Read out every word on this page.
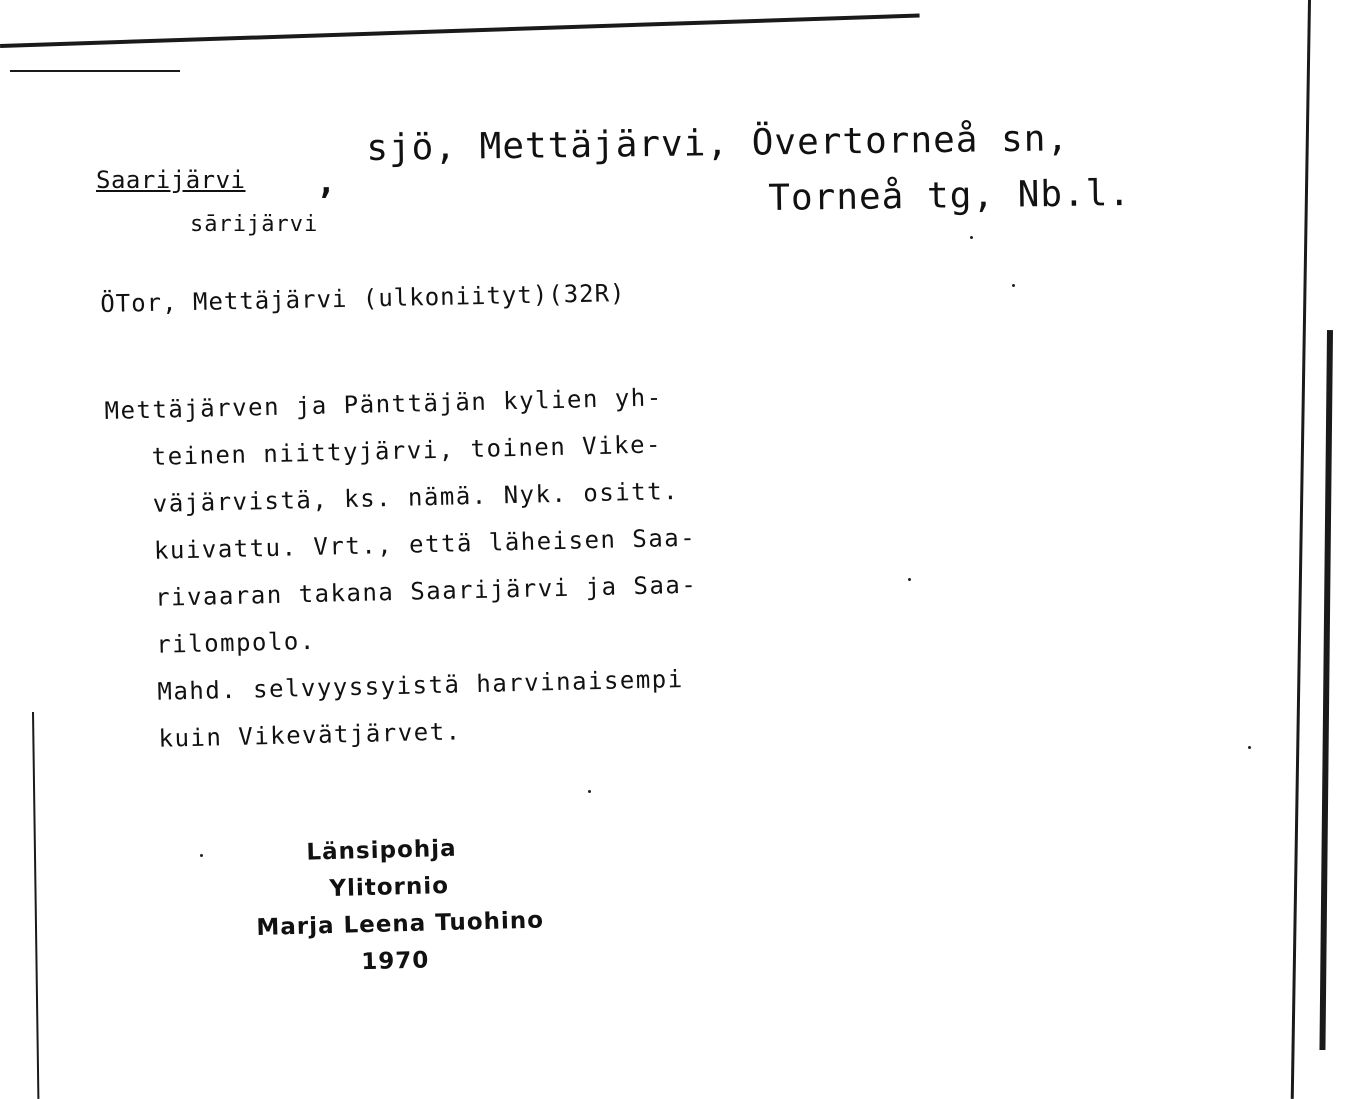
Saarijärvi ,
sjö, Mettäjärvi, Övertorneå sn,
Torneå tg, Nb.l.
sārijärvi
ÖTor, Mettäjärvi (ulkoniityt)(32R)
Mettäjärven ja Pänttäjän kylien yh-
teinen niittyjärvi, toinen Vike-
väjärvistä, ks. nämä. Nyk. ositt.
kuivattu. Vrt., että läheisen Saa-
rivaaran takana Saarijärvi ja Saa-
rilompolo.
Mahd. selvyyssyistä harvinaisempi
kuin Vikevätjärvet.
Länsipohja
Ylitornio
Marja Leena Tuohino
1970
